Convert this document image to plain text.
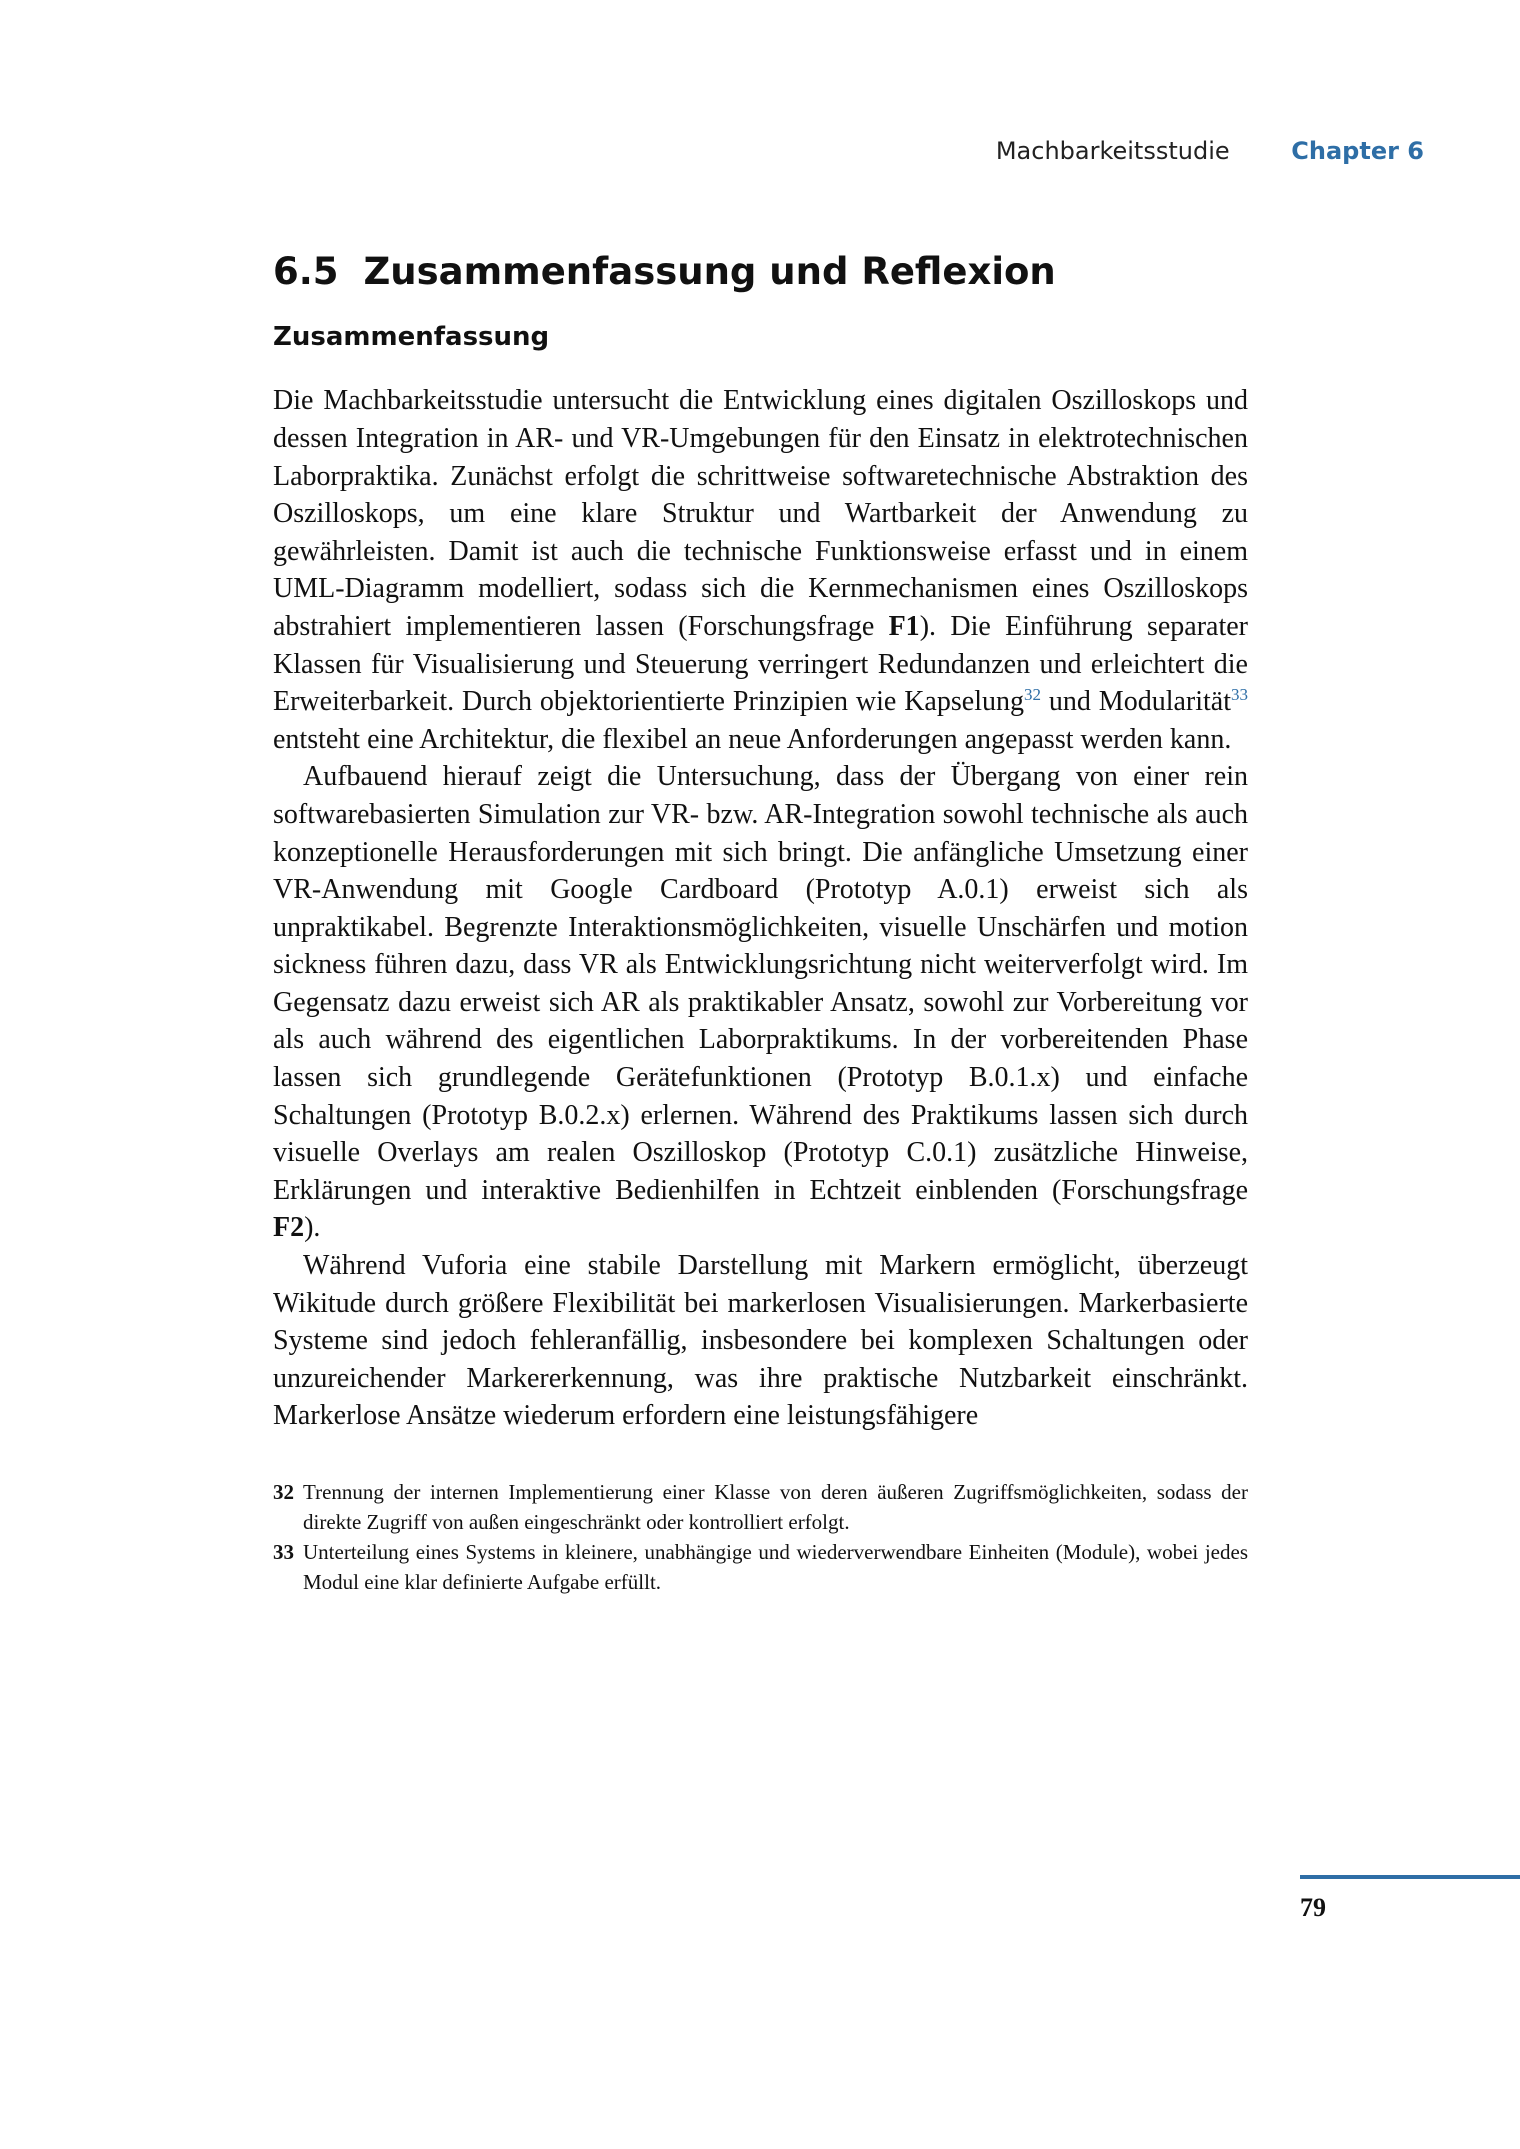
Machbarkeitsstudie	Chapter 6
6.5 Zusammenfassung und Reflexion
Zusammenfassung

Die Machbarkeitsstudie untersucht die Entwicklung eines digitalen Oszilloskops und dessen Integration in AR- und VR-Umgebungen für den Einsatz in elektrotechnischen Laborpraktika. Zunächst erfolgt die schrittweise softwaretechnische Abstraktion des Oszilloskops, um eine klare Struktur und Wartbarkeit der Anwendung zu gewährleisten. Damit ist auch die technische Funktionsweise erfasst und in einem UML-Diagramm modelliert, sodass sich die Kernmechanismen eines Oszilloskops abstrahiert implementieren lassen (Forschungsfrage F1). Die Einführung separater Klassen für Visualisierung und Steuerung verringert Redundanzen und erleichtert die Erweiterbarkeit. Durch objektorientierte Prinzipien wie Kapselung$^{32}$ und Modularität$^{33}$ entsteht eine Architektur, die flexibel an neue Anforderungen angepasst werden kann.

Aufbauend hierauf zeigt die Untersuchung, dass der Übergang von einer rein softwarebasierten Simulation zur VR- bzw. AR-Integration sowohl technische als auch konzeptionelle Herausforderungen mit sich bringt. Die anfängliche Umsetzung einer VR-Anwendung mit Google Cardboard (Prototyp A.0.1) erweist sich als unpraktikabel. Begrenzte Interaktionsmöglichkeiten, visuelle Unschärfen und motion sickness führen dazu, dass VR als Entwicklungsrichtung nicht weiterverfolgt wird. Im Gegensatz dazu erweist sich AR als praktikabler Ansatz, sowohl zur Vorbereitung vor als auch während des eigentlichen Laborpraktikums. In der vorbereitenden Phase lassen sich grundlegende Gerätefunktionen (Prototyp B.0.1.x) und einfache Schaltungen (Prototyp B.0.2.x) erlernen. Während des Praktikums lassen sich durch visuelle Overlays am realen Oszilloskop (Prototyp C.0.1) zusätzliche Hinweise, Erklärungen und interaktive Bedienhilfen in Echtzeit einblenden (Forschungsfrage F2).

Während Vuforia eine stabile Darstellung mit Markern ermöglicht, überzeugt Wikitude durch größere Flexibilität bei markerlosen Visualisierungen. Markerbasierte Systeme sind jedoch fehleranfällig, insbesondere bei komplexen Schaltungen oder unzureichender Markererkennung, was ihre praktische Nutzbarkeit einschränkt. Markerlose Ansätze wiederum erfordern eine leistungsfähigere

32 Trennung der internen Implementierung einer Klasse von deren äußeren Zugriffsmöglichkeiten, sodass der direkte Zugriff von außen eingeschränkt oder kontrolliert erfolgt.
33 Unterteilung eines Systems in kleinere, unabhängige und wiederverwendbare Einheiten (Module), wobei jedes Modul eine klar definierte Aufgabe erfüllt.
79
